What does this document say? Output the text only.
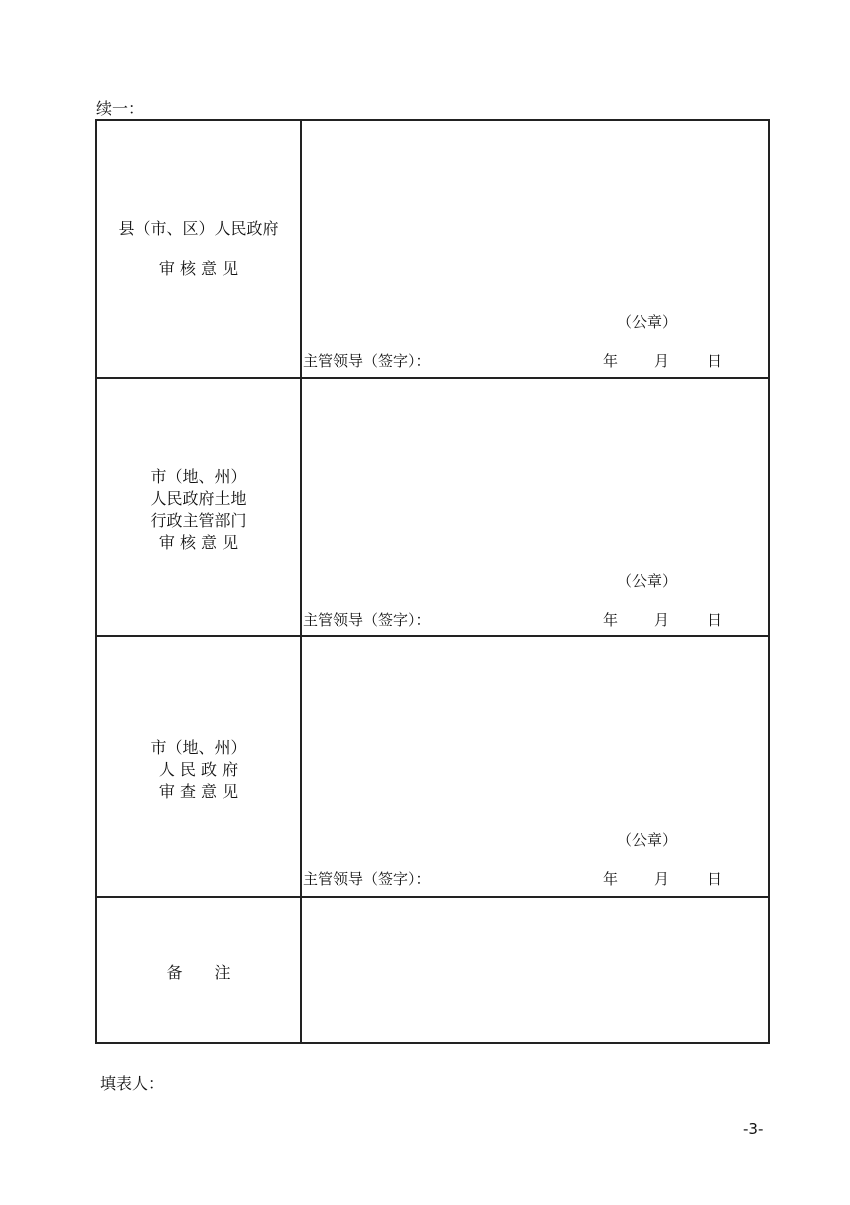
续一：
县（市、区）人民政府
审 核 意 见
（公章）
主管领导（签字）：	年 月	日
市（地、州）
人民政府土地
行政主管部门
审 核 意 见
（公章）
主管领导（签字）：	年 月	日
市（地、州）
人 民 政 府
审 查 意 见
（公章）
主管领导（签字）：	年 月	日
备　　注
填表人：
-3-
